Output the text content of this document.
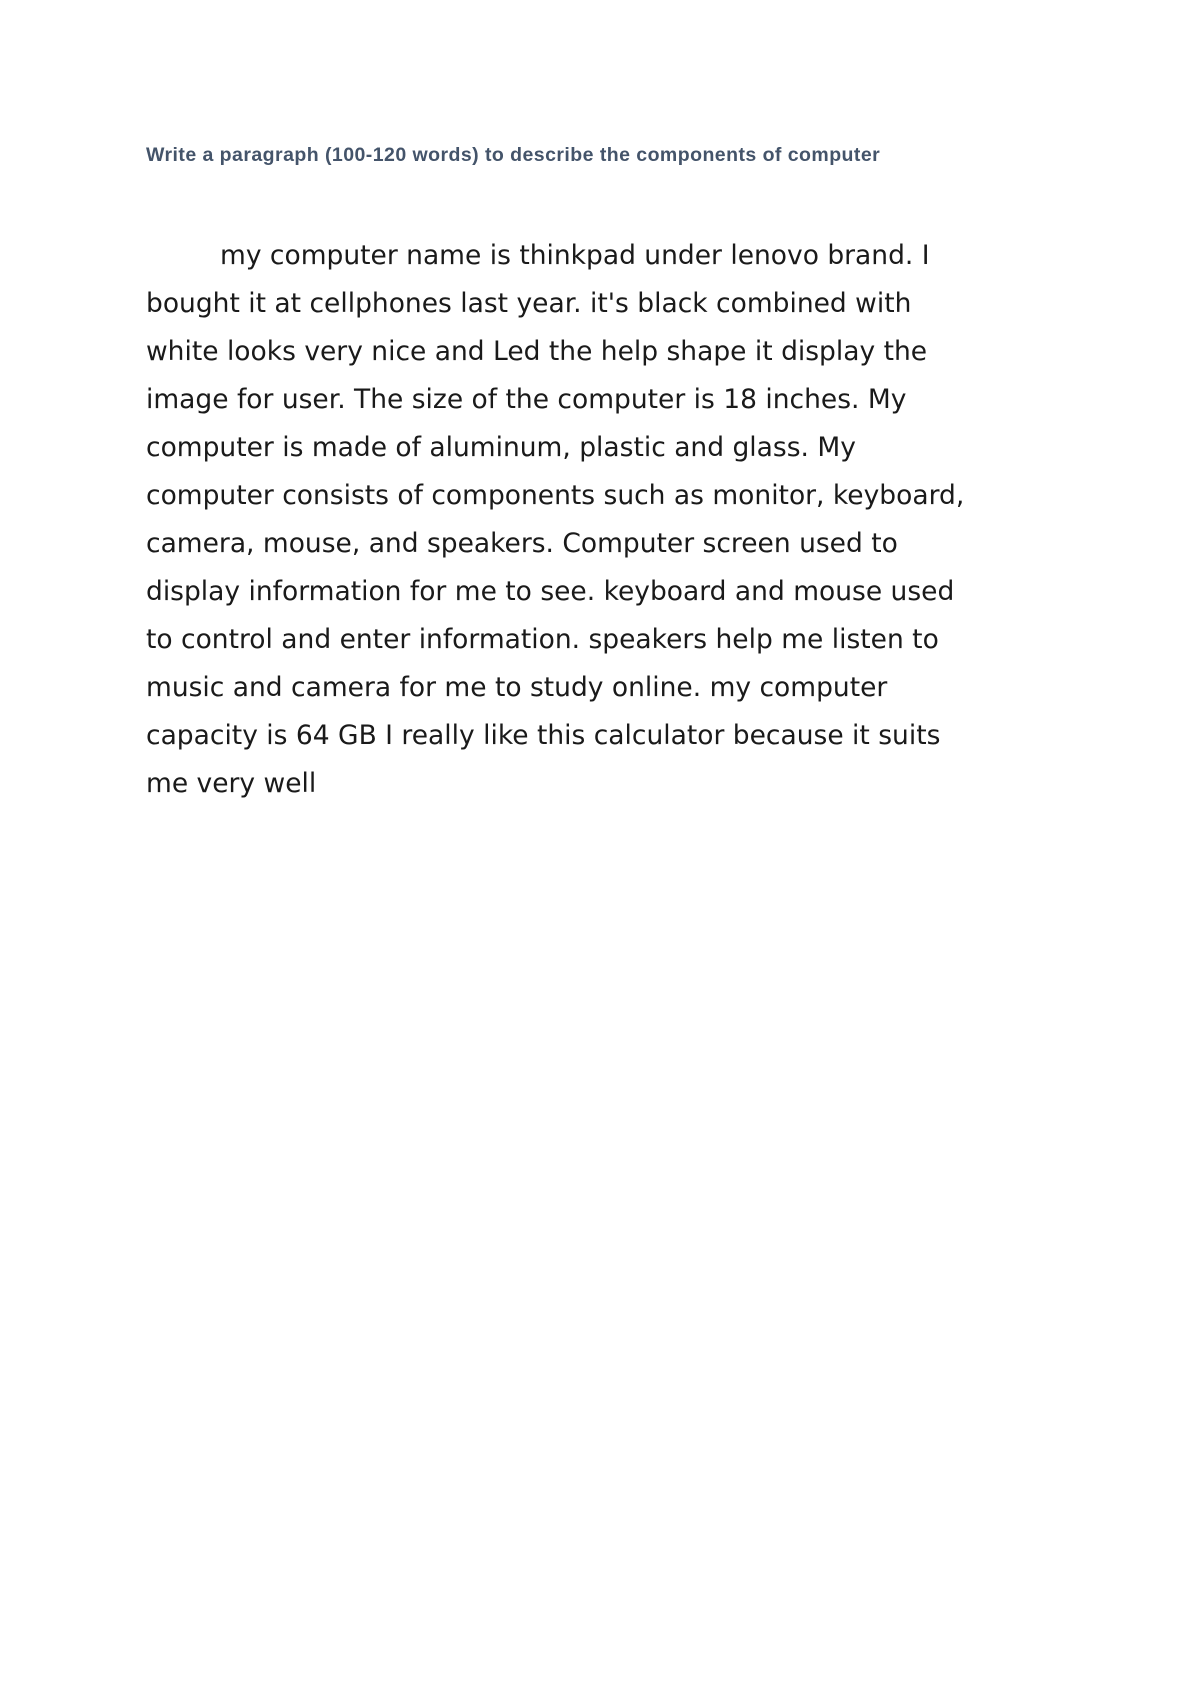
Write a paragraph (100-120 words) to describe the components of computer

my computer name is thinkpad under lenovo brand. I
bought it at cellphones last year. it's black combined with
white looks very nice and Led the help shape it display the
image for user. The size of the computer is 18 inches. My
computer is made of aluminum, plastic and glass. My
computer consists of components such as monitor, keyboard,
camera, mouse, and speakers. Computer screen used to
display information for me to see. keyboard and mouse used
to control and enter information. speakers help me listen to
music and camera for me to study online. my computer
capacity is 64 GB I really like this calculator because it suits
me very well
